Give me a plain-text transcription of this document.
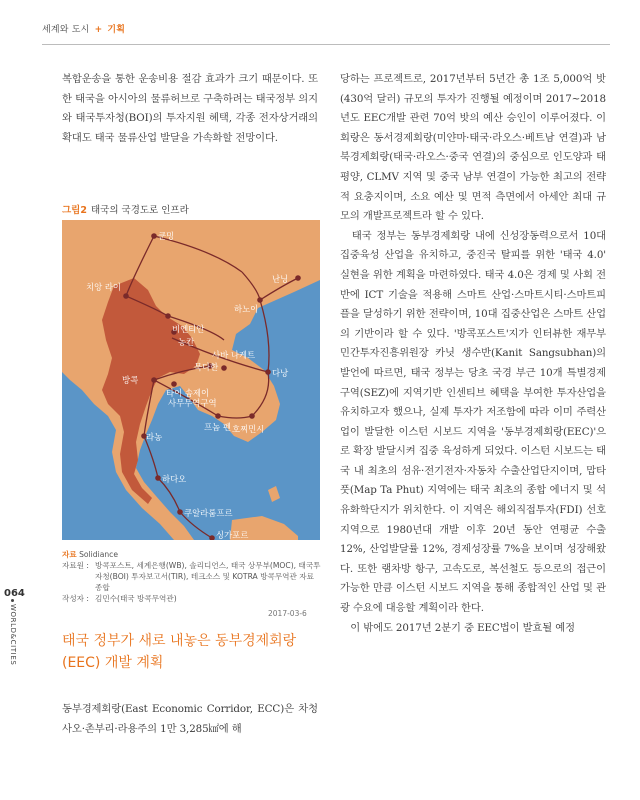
세계와 도시 + 기획

복합운송을 통한 운송비용 절감 효과가 크기 때문이다. 또한 태국을 아시아의 물류허브로 구축하려는 태국정부 의지와 태국투자청(BOI)의 투자지원 혜택, 각종 전자상거래의 확대도 태국 물류산업 발달을 가속화할 전망이다.

그림2 태국의 국경도로 인프라
쿤밍
난닝
하노이
치앙 라이
비엔티안
농칸
다낭
사바 나케트
묵다한
방콕
타이 솜제이
사무무역구역
호찌민시
프놈 펜
라농
하다오
쿠알라룸프르
싱가포르
자료 Solidiance
자료원 : 방콕포스트, 세계은행(WB), 솔리디언스, 태국 상무부(MOC), 태국투자청(BOI) 투자보고서(TIR), 테크소스 및 KOTRA 방콕무역관 자료 종합
작성자 : 김민수(태국 방콕무역관)
2017-03-6
064
WORLD&CITIES	태국 정부가 새로 내놓은 동부경제회랑(EEC) 개발 계획

동부경제회랑(East Economic Corridor, ECC)은 차청사오·촌부리·라용주의 1만 3,285㎢에 해

당하는 프로젝트로, 2017년부터 5년간 총 1조 5,000억 밧(430억 달러) 규모의 투자가 진행될 예정이며 2017~2018년도 EEC개발 관련 70억 밧의 예산 승인이 이루어졌다. 이 회랑은 동서경제회랑(미얀마·태국·라오스·베트남 연결)과 남북경제회랑(태국·라오스·중국 연결)의 중심으로 인도양과 태평양, CLMV 지역 및 중국 남부 연결이 가능한 최고의 전략적 요충지이며, 소요 예산 및 면적 측면에서 아세안 최대 규모의 개발프로젝트라 할 수 있다.

　태국 정부는 동부경제회랑 내에 신성장동력으로서 10대 집중육성 산업을 유치하고, 중진국 탈피를 위한 '태국 4.0' 실현을 위한 계획을 마련하였다. 태국 4.0은 경제 및 사회 전반에 ICT 기술을 적용해 스마트 산업·스마트시티·스마트피플을 달성하기 위한 전략이며, 10대 집중산업은 스마트 산업의 기반이라 할 수 있다. '방콕포스트'지가 인터뷰한 재무부 민간투자진흥위원장 카닛 생수반(Kanit Sangsubhan)의 발언에 따르면, 태국 정부는 당초 국경 부근 10개 특별경제구역(SEZ)에 지역기반 인센티브 혜택을 부여한 투자산업을 유치하고자 했으나, 실제 투자가 저조함에 따라 이미 주력산업이 발달한 이스턴 시보드 지역을 '동부경제회랑(EEC)'으로 확장 발달시켜 집중 육성하게 되었다. 이스턴 시보드는 태국 내 최초의 섬유·전기전자·자동차 수출산업단지이며, 맙타풋(Map Ta Phut) 지역에는 태국 최초의 종합 에너지 및 석유화학단지가 위치한다. 이 지역은 해외직접투자(FDI) 선호지역으로 1980년대 개발 이후 20년 동안 연평균 수출 12%, 산업발달률 12%, 경제성장률 7%을 보이며 성장해왔다. 또한 램차방 항구, 고속도로, 복선철도 등으로의 접근이 가능한 만큼 이스턴 시보드 지역을 통해 종합적인 산업 및 관광 수요에 대응할 계획이라 한다.

　이 밖에도 2017년 2분기 중 EEC법이 발효될 예정
